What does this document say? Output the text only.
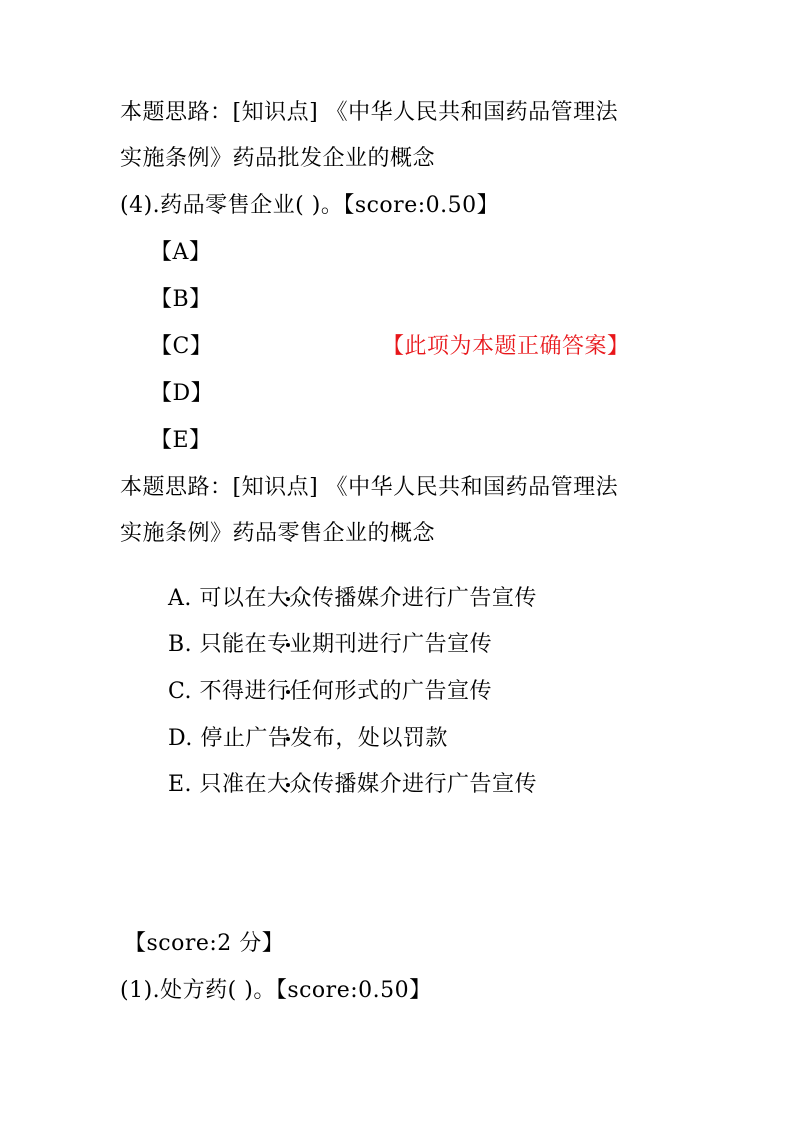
本题思路：[知识点] 《中华人民共和国药品管理法
实施条例》药品批发企业的概念
(4).药品零售企业( )。【score:0.50】
【A】
【B】
【C】	【此项为本题正确答案】
【D】
【E】
本题思路：[知识点] 《中华人民共和国药品管理法
实施条例》药品零售企业的概念
A. 可以在大众传播媒介进行广告宣传
B. 只能在专业期刊进行广告宣传
C. 不得进行任何形式的广告宣传
D. 停止广告发布，处以罚款
E. 只准在大众传播媒介进行广告宣传
【score:2 分】
(1).处方药( )。【score:0.50】
